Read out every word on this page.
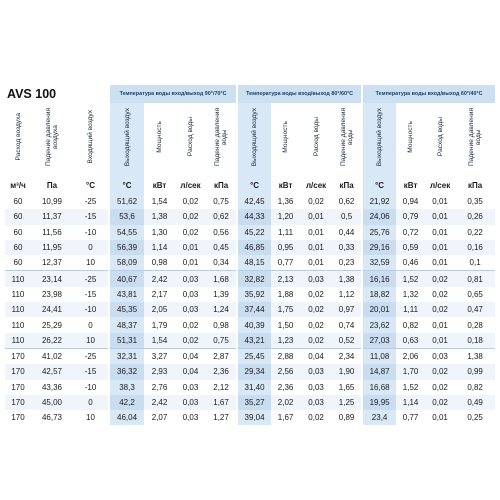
AVS 100			Температура воды вход/выход 90°/70°C				Температура воды вход/выход 80°/60°C				Температура воды вход/выход 60°/40°C			
Расход воздуха	Падение давления воздуха	Входящий воздух	Выходящий воздух	Мощность	Расход воды	Падение давления воды	Выходящий воздух	Мощность	Расход воды	Падение давления воды	Выходящий воздух	Мощность	Расход воды	Падение давления воды
м³/ч	Па	°C	°C	кВт	л/сек	кПа	°C	кВт	л/сек	кПа	°C	кВт	л/сек	кПа
60	10,99	-25	51,62	1,54	0,02	0,75	42,45	1,36	0,02	0,62	21,92	0,94	0,01	0,35
60	11,37	-15	53,6	1,38	0,02	0,62	44,33	1,20	0,01	0,5	24,06	0,79	0,01	0,26
60	11,56	-10	54,55	1,30	0,02	0,56	45,22	1,11	0,01	0,44	25,76	0,72	0,01	0,22
60	11,95	0	56,39	1,14	0,01	0,45	46,85	0,95	0,01	0,33	29,16	0,59	0,01	0,16
60	12,37	10	58,09	0,98	0,01	0,34	48,15	0,77	0,01	0,23	32,59	0,46	0,01	0,1
110	23,14	-25	40,67	2,42	0,03	1,68	32,82	2,13	0,03	1,38	16,16	1,52	0,02	0,81
110	23,98	-15	43,81	2,17	0,03	1,39	35,92	1,88	0,02	1,12	18,82	1,32	0,02	0,65
110	24,41	-10	45,35	2,05	0,03	1,24	37,44	1,75	0,02	0,97	20,01	1,11	0,02	0,47
110	25,29	0	48,37	1,79	0,02	0,98	40,39	1,50	0,02	0,74	23,62	0,82	0,01	0,28
110	26,22	10	51,31	1,54	0,02	0,75	43,21	1,23	0,02	0,52	27,03	0,63	0,01	0,18
170	41,02	-25	32,31	3,27	0,04	2,87	25,45	2,88	0,04	2,34	11,08	2,06	0,03	1,38
170	42,57	-15	36,32	2,93	0,04	2,36	29,34	2,56	0,03	1,90	14,87	1,70	0,02	0,99
170	43,36	-10	38,3	2,76	0,03	2,12	31,40	2,36	0,03	1,65	16,68	1,52	0,02	0,82
170	45,00	0	42,2	2,42	0,03	1,67	35,27	2,02	0,03	1,25	19,95	1,14	0,02	0,49
170	46,73	10	46,04	2,07	0,03	1,27	39,04	1,67	0,02	0,89	23,4	0,77	0,01	0,25
